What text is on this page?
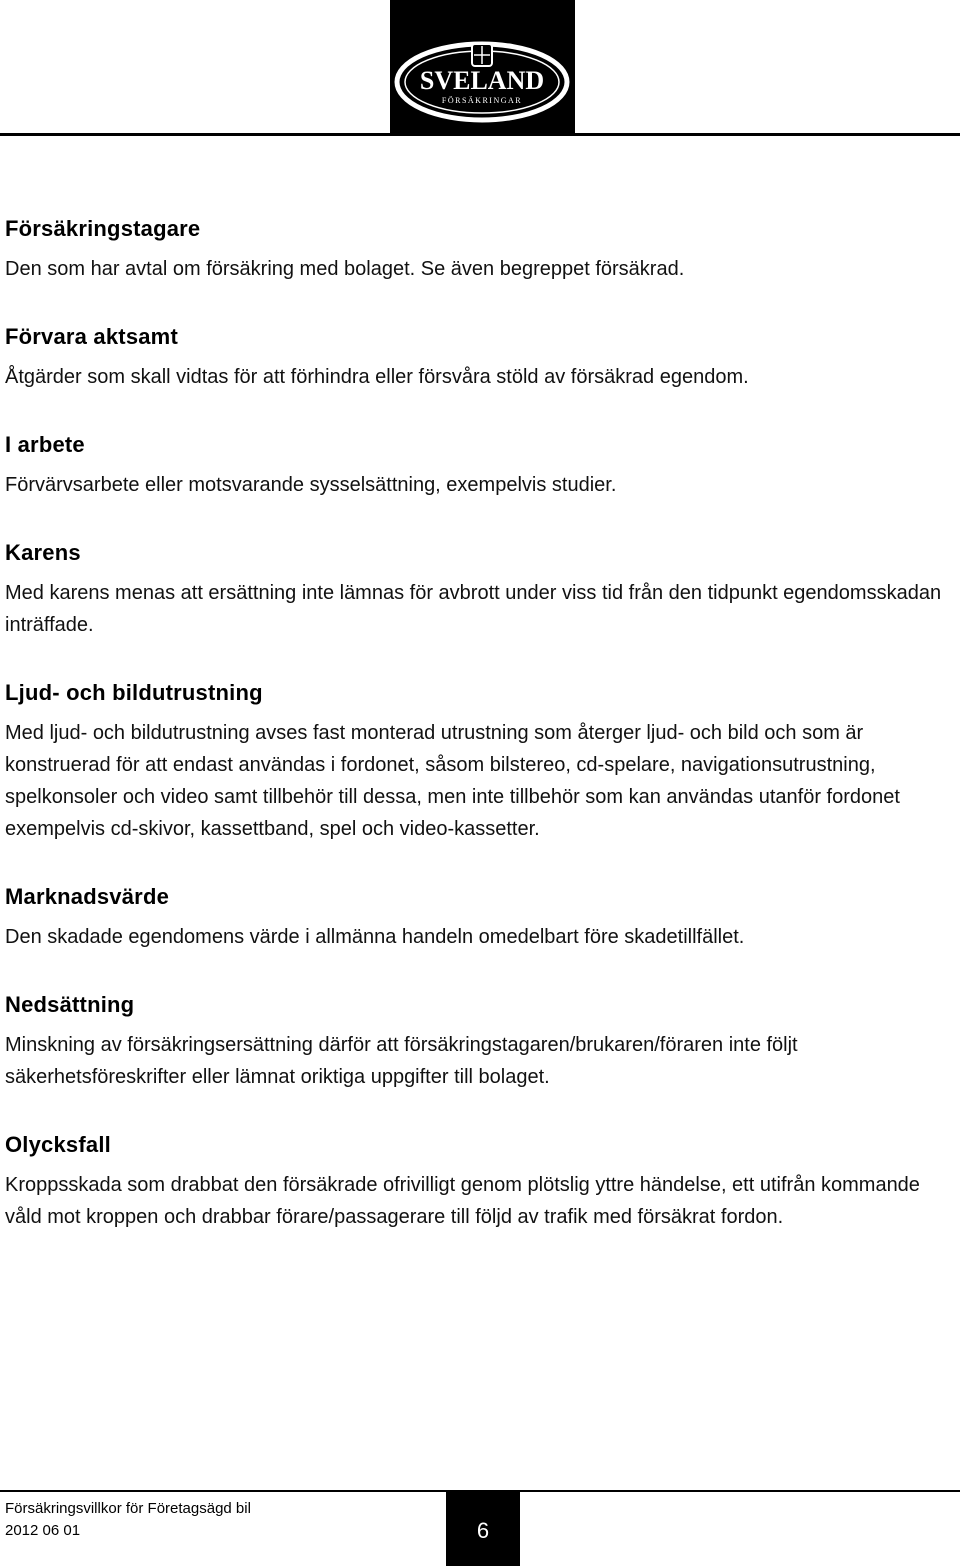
SVELAND
FÖRSÄKRINGAR
Försäkringstagare

Den som har avtal om försäkring med bolaget. Se även begreppet försäkrad.

Förvara aktsamt

Åtgärder som skall vidtas för att förhindra eller försvåra stöld av försäkrad egendom.

I arbete

Förvärvsarbete eller motsvarande sysselsättning, exempelvis studier.

Karens

Med karens menas att ersättning inte lämnas för avbrott under viss tid från den tidpunkt egendomsskadan inträffade.

Ljud- och bildutrustning

Med ljud- och bildutrustning avses fast monterad utrustning som återger ljud- och bild och som är konstruerad för att endast användas i fordonet, såsom bilstereo, cd-spelare, navigationsutrustning, spelkonsoler och video samt tillbehör till dessa, men inte tillbehör som kan användas utanför fordonet exempelvis cd-skivor, kassettband, spel och video-kassetter.

Marknadsvärde

Den skadade egendomens värde i allmänna handeln omedelbart före skadetillfället.

Nedsättning

Minskning av försäkringsersättning därför att försäkringstagaren/brukaren/föraren inte följt säkerhetsföreskrifter eller lämnat oriktiga uppgifter till bolaget.

Olycksfall

Kroppsskada som drabbat den försäkrade ofrivilligt genom plötslig yttre händelse, ett utifrån kommande våld mot kroppen och drabbar förare/passagerare till följd av trafik med försäkrat fordon.

Försäkringsvillkor för Företagsägd bil
2012 06 01	6
